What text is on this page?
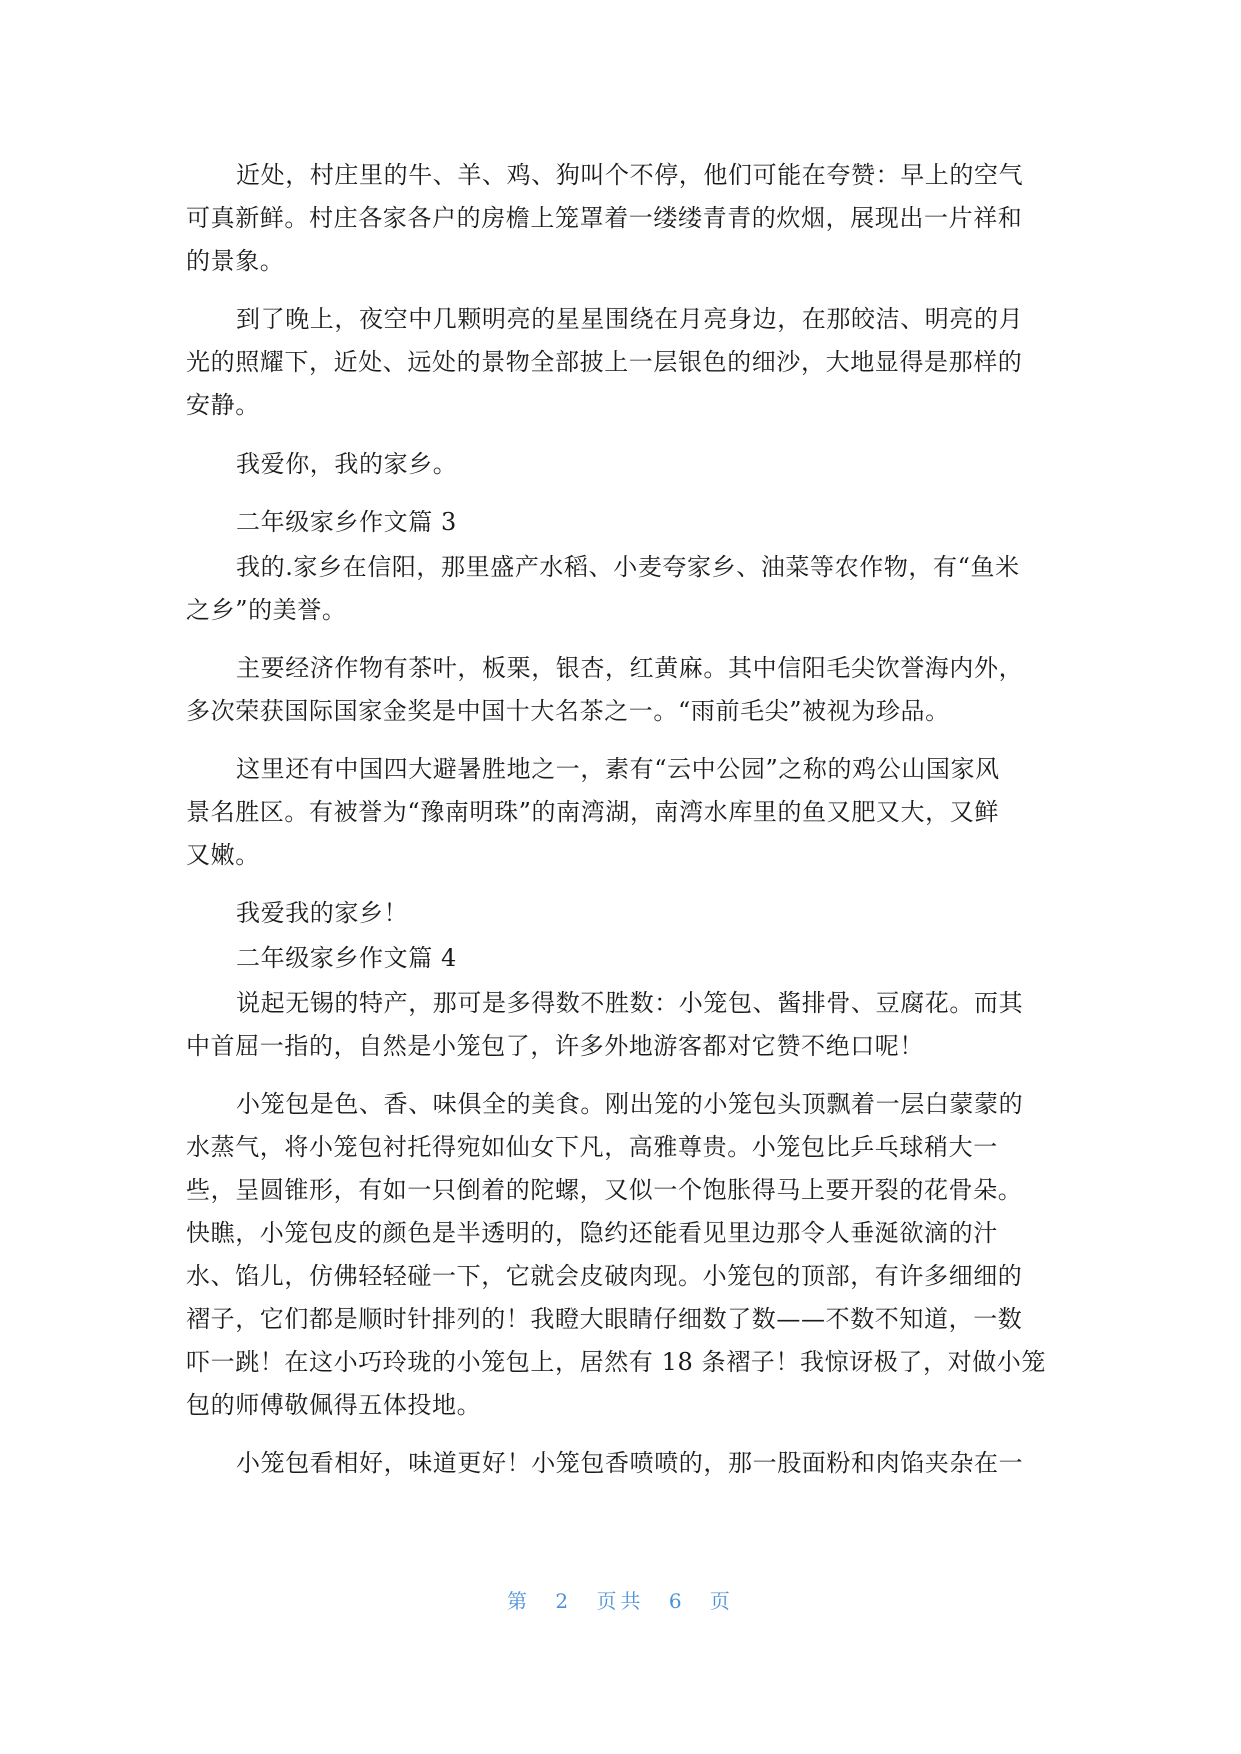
近处，村庄里的牛、羊、鸡、狗叫个不停，他们可能在夸赞：早上的空气
可真新鲜。村庄各家各户的房檐上笼罩着一缕缕青青的炊烟，展现出一片祥和
的景象。
到了晚上，夜空中几颗明亮的星星围绕在月亮身边，在那皎洁、明亮的月
光的照耀下，近处、远处的景物全部披上一层银色的细沙，大地显得是那样的
安静。
我爱你，我的家乡。
二年级家乡作文篇 3
我的.家乡在信阳，那里盛产水稻、小麦夸家乡、油菜等农作物，有“鱼米
之乡”的美誉。
主要经济作物有茶叶，板栗，银杏，红黄麻。其中信阳毛尖饮誉海内外，
多次荣获国际国家金奖是中国十大名茶之一。“雨前毛尖”被视为珍品。
这里还有中国四大避暑胜地之一，素有“云中公园”之称的鸡公山国家风
景名胜区。有被誉为“豫南明珠”的南湾湖，南湾水库里的鱼又肥又大，又鲜
又嫩。
我爱我的家乡！
二年级家乡作文篇 4
说起无锡的特产，那可是多得数不胜数：小笼包、酱排骨、豆腐花。而其
中首屈一指的，自然是小笼包了，许多外地游客都对它赞不绝口呢！
小笼包是色、香、味俱全的美食。刚出笼的小笼包头顶飘着一层白蒙蒙的
水蒸气，将小笼包衬托得宛如仙女下凡，高雅尊贵。小笼包比乒乓球稍大一
些，呈圆锥形，有如一只倒着的陀螺，又似一个饱胀得马上要开裂的花骨朵。
快瞧，小笼包皮的颜色是半透明的，隐约还能看见里边那令人垂涎欲滴的汁
水、馅儿，仿佛轻轻碰一下，它就会皮破肉现。小笼包的顶部，有许多细细的
褶子，它们都是顺时针排列的！我瞪大眼睛仔细数了数——不数不知道，一数
吓一跳！在这小巧玲珑的小笼包上，居然有 18 条褶子！我惊讶极了，对做小笼
包的师傅敬佩得五体投地。
小笼包看相好，味道更好！小笼包香喷喷的，那一股面粉和肉馅夹杂在一
第 2 页共 6 页
